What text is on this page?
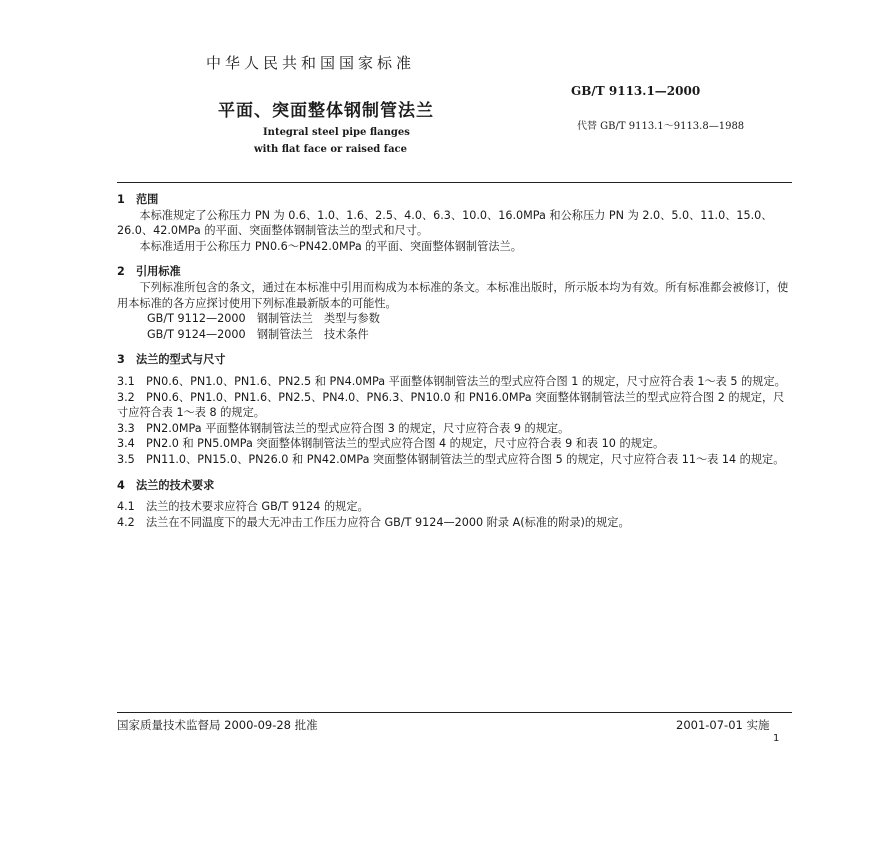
中华人民共和国国家标准
GB/T 9113.1—2000
平面、突面整体钢制管法兰
代替 GB/T 9113.1～9113.8—1988
Integral steel pipe flanges
with flat face or raised face
1　范围
本标准规定了公称压力 PN 为 0.6、1.0、1.6、2.5、4.0、6.3、10.0、16.0MPa 和公称压力 PN 为 2.0、5.0、11.0、15.0、26.0、42.0MPa 的平面、突面整体钢制管法兰的型式和尺寸。
本标准适用于公称压力 PN0.6～PN42.0MPa 的平面、突面整体钢制管法兰。
2　引用标准
下列标准所包含的条文，通过在本标准中引用而构成为本标准的条文。本标准出版时，所示版本均为有效。所有标准都会被修订，使用本标准的各方应探讨使用下列标准最新版本的可能性。
GB/T 9112—2000　钢制管法兰　类型与参数
GB/T 9124—2000　钢制管法兰　技术条件
3　法兰的型式与尺寸
3.1　PN0.6、PN1.0、PN1.6、PN2.5 和 PN4.0MPa 平面整体钢制管法兰的型式应符合图 1 的规定，尺寸应符合表 1～表 5 的规定。
3.2　PN0.6、PN1.0、PN1.6、PN2.5、PN4.0、PN6.3、PN10.0 和 PN16.0MPa 突面整体钢制管法兰的型式应符合图 2 的规定，尺寸应符合表 1～表 8 的规定。
3.3　PN2.0MPa 平面整体钢制管法兰的型式应符合图 3 的规定，尺寸应符合表 9 的规定。
3.4　PN2.0 和 PN5.0MPa 突面整体钢制管法兰的型式应符合图 4 的规定，尺寸应符合表 9 和表 10 的规定。
3.5　PN11.0、PN15.0、PN26.0 和 PN42.0MPa 突面整体钢制管法兰的型式应符合图 5 的规定，尺寸应符合表 11～表 14 的规定。
4　法兰的技术要求
4.1　法兰的技术要求应符合 GB/T 9124 的规定。
4.2　法兰在不同温度下的最大无冲击工作压力应符合 GB/T 9124—2000 附录 A(标准的附录)的规定。
国家质量技术监督局 2000-09-28 批准	2001-07-01 实施
1
